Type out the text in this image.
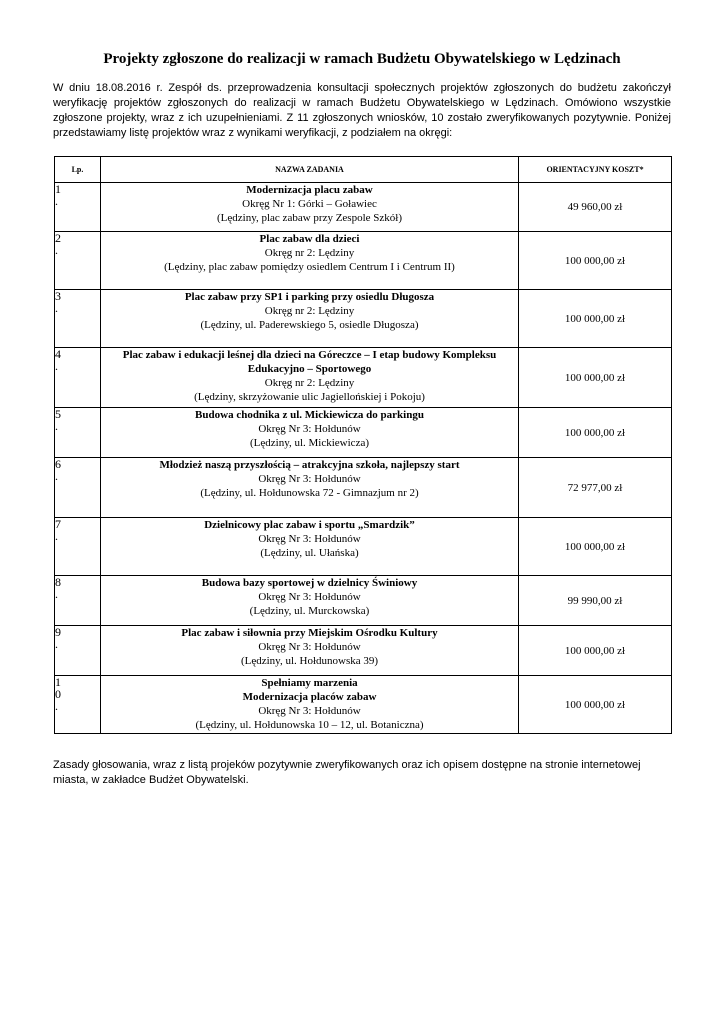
Projekty zgłoszone do realizacji w ramach Budżetu Obywatelskiego w Lędzinach
W dniu 18.08.2016 r. Zespół ds. przeprowadzenia konsultacji społecznych projektów zgłoszonych do budżetu zakończył weryfikację projektów zgłoszonych do realizacji w ramach Budżetu Obywatelskiego w Lędzinach. Omówiono wszystkie zgłoszone projekty, wraz z ich uzupełnieniami. Z 11 zgłoszonych wniosków, 10 zostało zweryfikowanych pozytywnie. Poniżej przedstawiamy listę projektów wraz z wynikami weryfikacji, z podziałem na okręgi:
Lp.	NAZWA ZADANIA	ORIENTACYJNY KOSZT*

1
.	Modernizacja placu zabaw
Okręg Nr 1: Górki – Goławiec
(Lędziny, plac zabaw przy Zespole Szkół)	49 960,00 zł

2
.	Plac zabaw dla dzieci
Okręg nr 2: Lędziny
(Lędziny, plac zabaw pomiędzy osiedlem Centrum I i Centrum II)	100 000,00 zł

3
.	Plac zabaw przy SP1 i parking przy osiedlu Długosza
Okręg nr 2: Lędziny
(Lędziny, ul. Paderewskiego 5, osiedle Długosza)	100 000,00 zł

4
.	Plac zabaw i edukacji leśnej dla dzieci na Góreczce – I etap budowy Kompleksu Edukacyjno – Sportowego
Okręg nr 2: Lędziny
(Lędziny, skrzyżowanie ulic Jagiellońskiej i Pokoju)	100 000,00 zł

5
.	Budowa chodnika z ul. Mickiewicza do parkingu
Okręg Nr 3: Hołdunów
(Lędziny, ul. Mickiewicza)	100 000,00 zł

6
.	Młodzież naszą przyszłością – atrakcyjna szkoła, najlepszy start
Okręg Nr 3: Hołdunów
(Lędziny, ul. Hołdunowska 72 - Gimnazjum nr 2)	72 977,00 zł

7
.	Dzielnicowy plac zabaw i sportu „Smardzik”
Okręg Nr 3: Hołdunów
(Lędziny, ul. Ułańska)	100 000,00 zł

8
.	Budowa bazy sportowej w dzielnicy Świniowy
Okręg Nr 3: Hołdunów
(Lędziny, ul. Murckowska)	99 990,00 zł

9
.	Plac zabaw i siłownia przy Miejskim Ośrodku Kultury
Okręg Nr 3: Hołdunów
(Lędziny, ul. Hołdunowska 39)	100 000,00 zł

1
0
.	Spełniamy marzenia
Modernizacja placów zabaw
Okręg Nr 3: Hołdunów
(Lędziny, ul. Hołdunowska 10 – 12, ul. Botaniczna)	100 000,00 zł
Zasady głosowania, wraz z listą projeków pozytywnie zweryfikowanych oraz ich opisem dostępne na stronie internetowej miasta, w zakładce Budżet Obywatelski.
